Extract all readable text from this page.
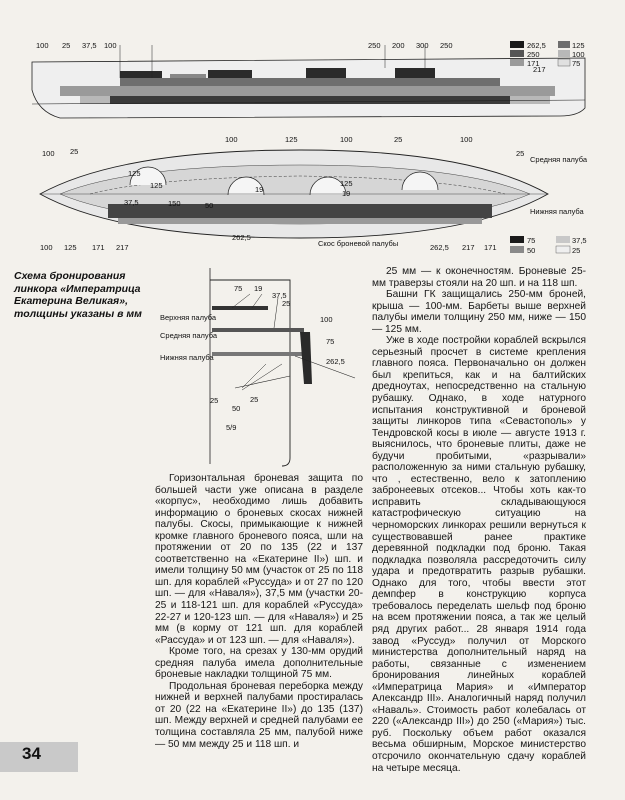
100 25 37,5 100	250 200 300 250	262,5
250
171
217
125
100
75
100 25
100	125	100	25	100
25
125	19
125
19
125
150	50
37,5
100 125 171 217
262,5
262,5 217 171
Скос броневой палубы
Средняя палуба
Нижняя палуба
75
50
37,5
25
Схема бронирования линкора «Императрица Екатерина Великая», толщины указаны в мм
75 19
37,5
25
100
75
262,5
25
50
25
5/9
Верхняя палуба
Средняя палуба
Нижняя палуба

Горизонтальная броневая защита по большей части уже описана в разделе «корпус», необходимо лишь добавить информацию о броневых скосах нижней палубы. Скосы, примыкающие к нижней кромке главного броневого пояса, шли на протяжении от 20 по 135 (22 и 137 соответственно на «Екатерине II») шп. и имели толщину 50 мм (участок от 25 по 118 шп. для кораблей «Руссуда» и от 27 по 120 шп. — для «Наваля»), 37,5 мм (участки 20-25 и 118-121 шп. для кораблей «Руссуда» 22-27 и 120-123 шп. — для «Наваля») и 25 мм (в корму от 121 шп. для кораблей «Рассуда» и от 123 шп. — для «Наваля»).

Кроме того, на срезах у 130-мм орудий средняя палуба имела дополнительные броневые накладки толщиной 75 мм.

Продольная броневая переборка между нижней и верхней палубами простиралась от 20 (22 на «Екатерине II») до 135 (137) шп. Между верхней и средней палубами ее толщина составляла 25 мм, палубой ниже — 50 мм между 25 и 118 шп. и

25 мм — к оконечностям. Броневые 25-мм траверзы стояли на 20 шп. и на 118 шп.

Башни ГК защищались 250-мм броней, крыша — 100-мм. Барбеты выше верхней палубы имели толщину 250 мм, ниже — 150 — 125 мм.

Уже в ходе постройки кораблей вскрылся серьезный просчет в системе крепления главного пояса. Первоначально он должен был крепиться, как и на балтийских дредноутах, непосредственно на стальную рубашку. Однако, в ходе натурного испытания конструктивной и броневой защиты линкоров типа «Севастополь» у Тендровской косы в июле — августе 1913 г. выяснилось, что броневые плиты, даже не будучи пробитыми, «разрывали» расположенную за ними стальную рубашку, что , естественно, вело к затоплению забронеевых отсеков... Чтобы хоть как-то исправить складывающуюся катастрофическую ситуацию на черноморских линкорах решили вернуться к существовавшей ранее практике деревянной подкладки под броню. Такая подкладка позволяла рассредоточить силу удара и предотвратить разрыв рубашки. Однако для того, чтобы ввести этот демпфер в конструкцию корпуса требовалось переделать шельф под броню на всем протяжении пояса, а так же целый ряд других работ... 28 января 1914 года завод «Руссуд» получил от Морского министерства дополнительный наряд на работы, связанные с изменением бронирования линейных кораблей «Императрица Мария» и «Император Александр III». Аналогичный наряд получил «Наваль». Стоимость работ колебалась от 220 («Александр III») до 250 («Мария») тыс. руб. Поскольку объем работ оказался весьма обширным, Морское министерство отсрочило окончательную сдачу кораблей на четыре месяца.

34
